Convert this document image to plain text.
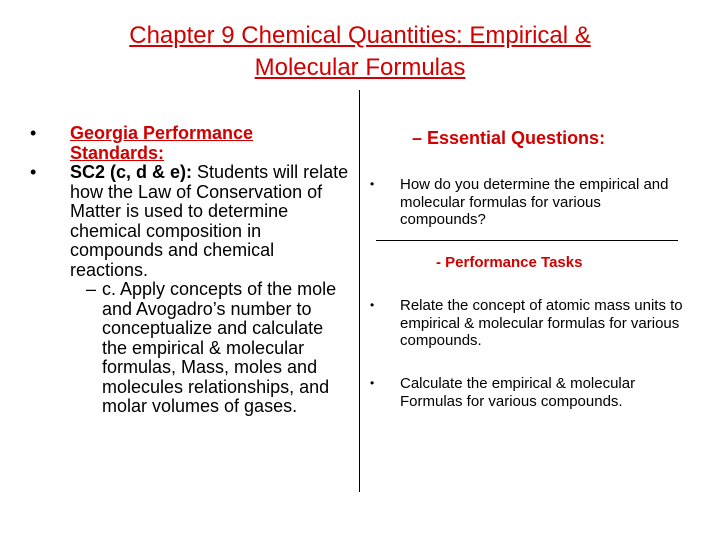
Chapter 9 Chemical Quantities: Empirical &
Molecular Formulas

• Georgia Performance Standards:

• SC2 (c, d & e): Students will relate how the Law of Conservation of Matter is used to determine chemical composition in compounds and chemical reactions.

– c. Apply concepts of the mole and Avogadro’s number to conceptualize and calculate the empirical & molecular formulas, Mass, moles and molecules relationships, and molar volumes of gases.

– Essential Questions:
• How do you determine the empirical and molecular formulas for various compounds?
- Performance Tasks
• Relate the concept of atomic mass units to empirical & molecular formulas for various compounds.
• Calculate the empirical & molecular Formulas for various compounds.
